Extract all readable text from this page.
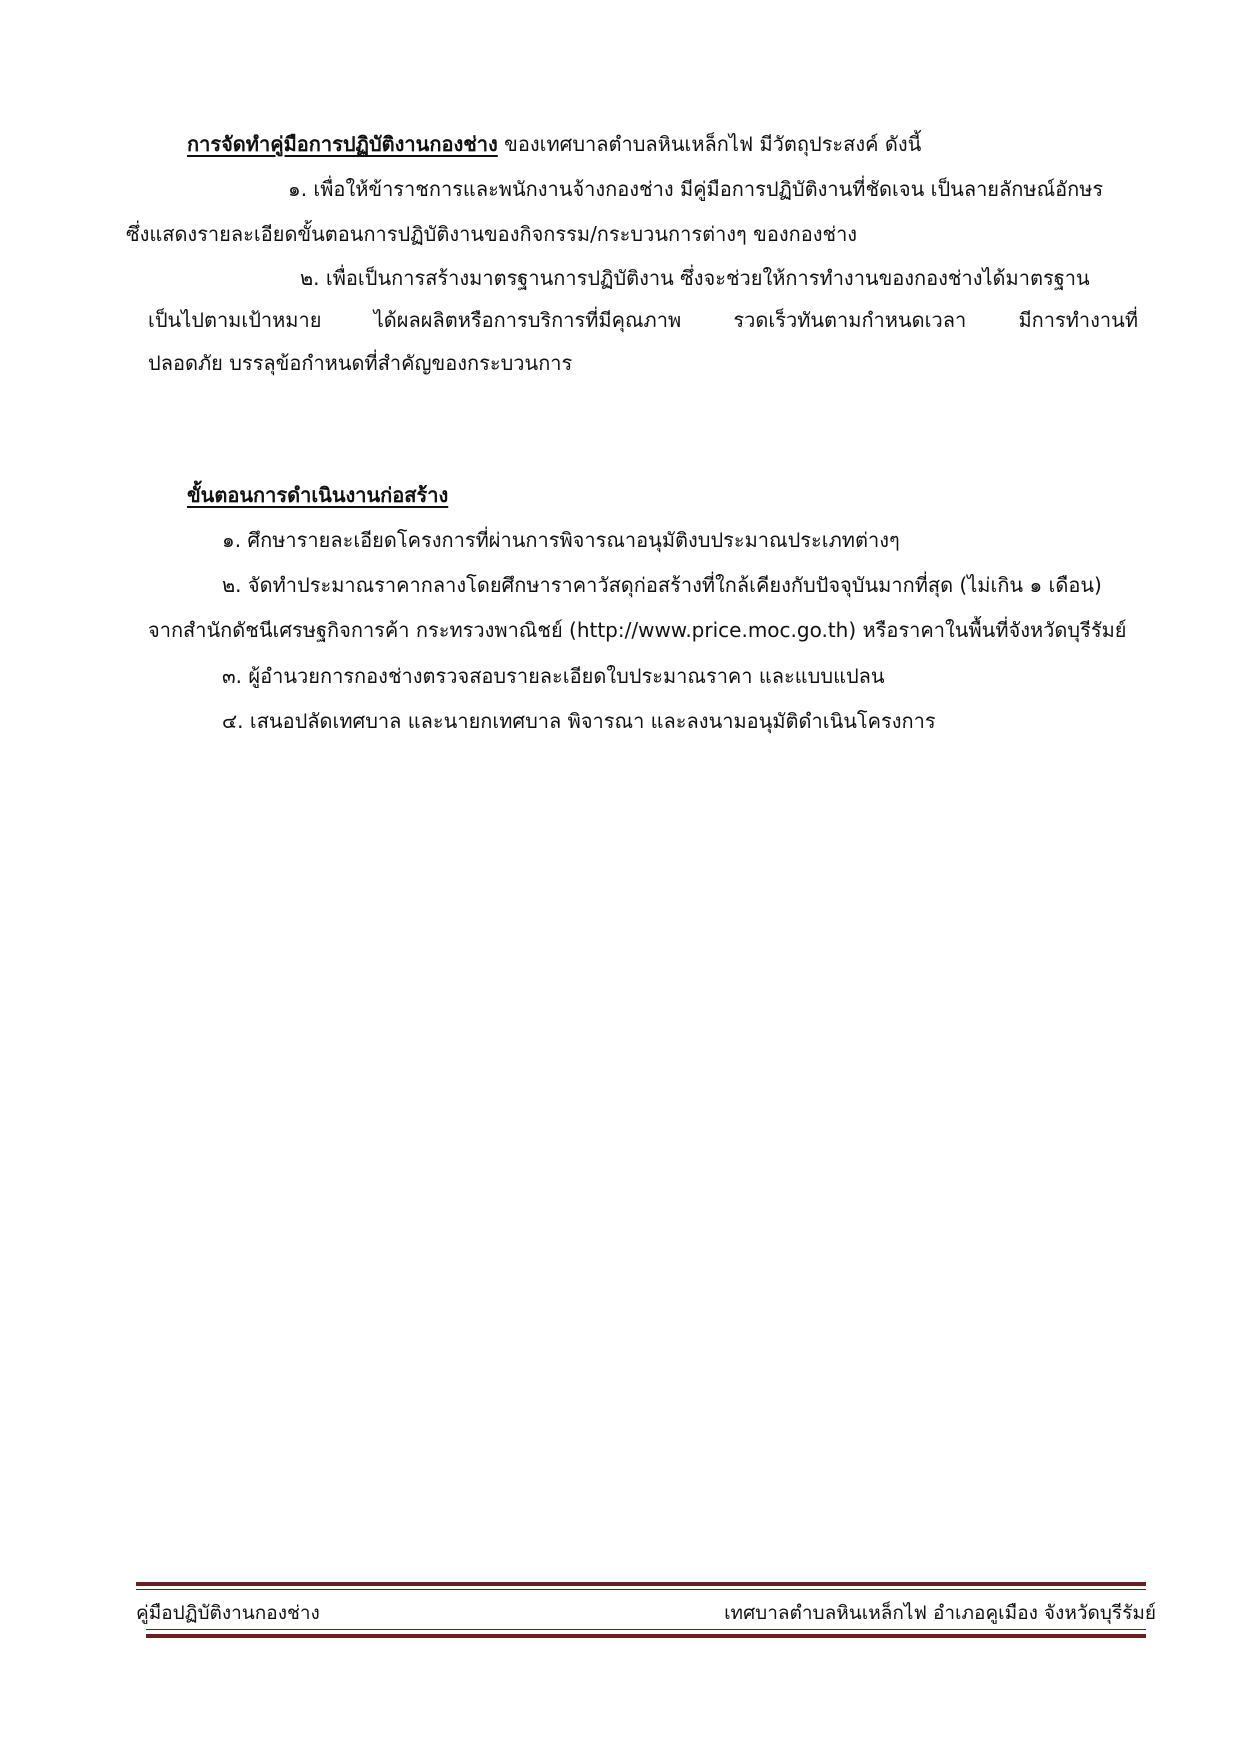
การจัดทำคู่มือการปฏิบัติงานกองช่าง ของเทศบาลตำบลหินเหล็กไฟ มีวัตถุประสงค์ ดังนี้

๑. เพื่อให้ข้าราชการและพนักงานจ้างกองช่าง มีคู่มือการปฏิบัติงานที่ชัดเจน เป็นลายลักษณ์อักษร

ซึ่งแสดงรายละเอียดขั้นตอนการปฏิบัติงานของกิจกรรม/กระบวนการต่างๆ ของกองช่าง

๒. เพื่อเป็นการสร้างมาตรฐานการปฏิบัติงาน ซึ่งจะช่วยให้การทำงานของกองช่างได้มาตรฐาน

เป็นไปตามเป้าหมาย	ได้ผลผลิตหรือการบริการที่มีคุณภาพ	รวดเร็วทันตามกำหนดเวลา	มีการทำงานที่

ปลอดภัย บรรลุข้อกำหนดที่สำคัญของกระบวนการ

ขั้นตอนการดำเนินงานก่อสร้าง

๑. ศึกษารายละเอียดโครงการที่ผ่านการพิจารณาอนุมัติงบประมาณประเภทต่างๆ

๒. จัดทำประมาณราคากลางโดยศึกษาราคาวัสดุก่อสร้างที่ใกล้เคียงกับปัจจุบันมากที่สุด (ไม่เกิน ๑ เดือน)

จากสำนักดัชนีเศรษฐกิจการค้า กระทรวงพาณิชย์ (http://www.price.moc.go.th) หรือราคาในพื้นที่จังหวัดบุรีรัมย์

๓. ผู้อำนวยการกองช่างตรวจสอบรายละเอียดใบประมาณราคา และแบบแปลน

๔. เสนอปลัดเทศบาล และนายกเทศบาล พิจารณา และลงนามอนุมัติดำเนินโครงการ

คู่มือปฏิบัติงานกองช่าง	เทศบาลตำบลหินเหล็กไฟ อำเภอคูเมือง จังหวัดบุรีรัมย์
